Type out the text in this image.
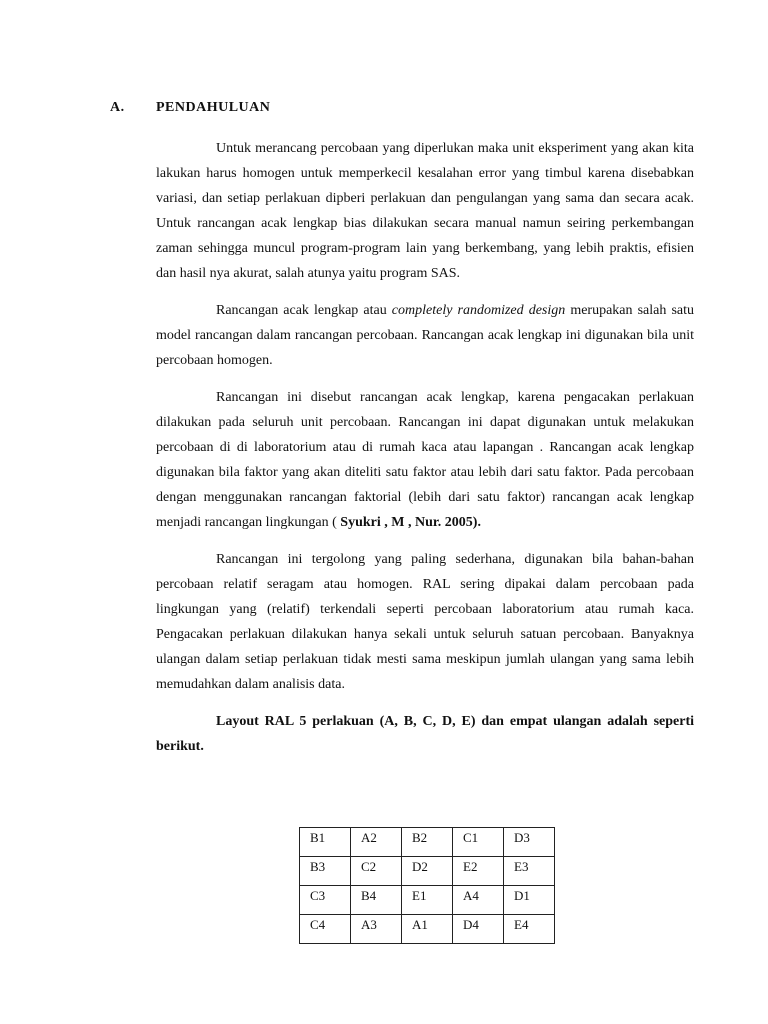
A. PENDAHULUAN

Untuk merancang percobaan yang diperlukan maka unit eksperiment yang akan kita lakukan harus homogen untuk memperkecil kesalahan error yang timbul karena disebabkan variasi, dan setiap perlakuan dipberi perlakuan dan pengulangan yang sama dan secara acak. Untuk rancangan acak lengkap bias dilakukan secara manual namun seiring perkembangan zaman sehingga muncul program-program lain yang berkembang, yang lebih praktis, efisien dan hasil nya akurat, salah atunya yaitu program SAS.

Rancangan acak lengkap atau completely randomized design merupakan salah satu model rancangan dalam rancangan percobaan. Rancangan acak lengkap ini digunakan bila unit percobaan homogen.

Rancangan ini disebut rancangan acak lengkap, karena pengacakan perlakuan dilakukan pada seluruh unit percobaan. Rancangan ini dapat digunakan untuk melakukan percobaan di di laboratorium atau di rumah kaca atau lapangan . Rancangan acak lengkap digunakan bila faktor yang akan diteliti satu faktor atau lebih dari satu faktor. Pada percobaan dengan menggunakan rancangan faktorial (lebih dari satu faktor) rancangan acak lengkap menjadi rancangan lingkungan ( Syukri , M , Nur. 2005).

Rancangan ini tergolong yang paling sederhana, digunakan bila bahan-bahan percobaan relatif seragam atau homogen. RAL sering dipakai dalam percobaan pada lingkungan yang (relatif) terkendali seperti percobaan laboratorium atau rumah kaca. Pengacakan perlakuan dilakukan hanya sekali untuk seluruh satuan percobaan. Banyaknya ulangan dalam setiap perlakuan tidak mesti sama meskipun jumlah ulangan yang sama lebih memudahkan dalam analisis data.

Layout RAL 5 perlakuan (A, B, C, D, E) dan empat ulangan adalah seperti berikut.

B1	A2	B2	C1	D3
B3	C2	D2	E2	E3
C3	B4	E1	A4	D1
C4	A3	A1	D4	E4
